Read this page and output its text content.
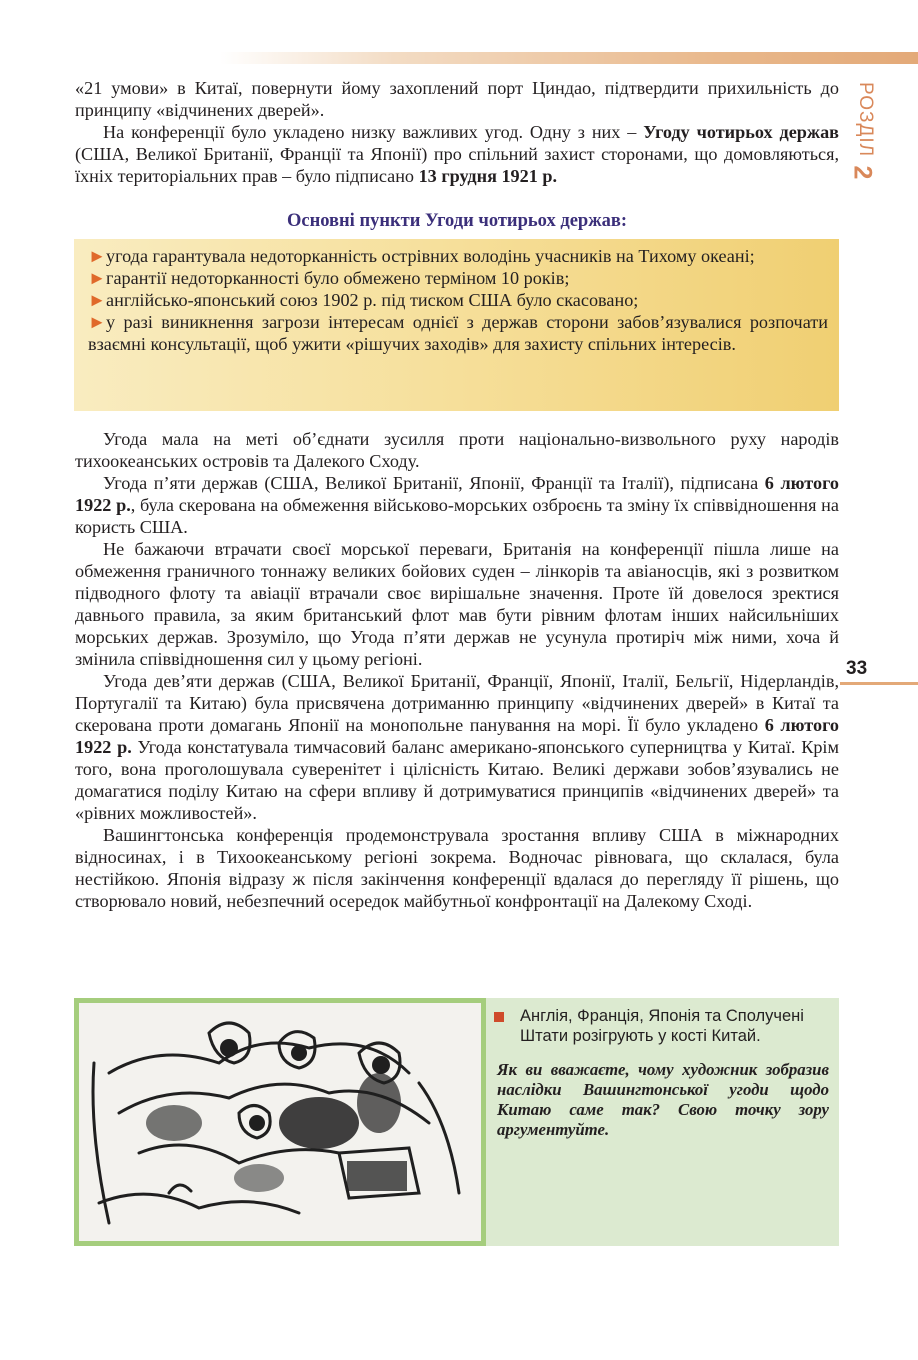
РОЗДІЛ
2
33

«21 умови» в Китаї, повернути йому захоплений порт Циндао, підтвердити прихильність до принципу «відчинених дверей».

На конференції було укладено низку важливих угод. Одну з них – Угоду чотирьох держав (США, Великої Британії, Франції та Японії) про спільний захист сторонами, що домовляються, їхніх територіальних прав – було підписано 13 грудня 1921 р.

Основні пункти Угоди чотирьох держав:

►угода гарантувала недоторканність острівних володінь учасників на Тихому океані;

►гарантії недоторканності було обмежено терміном 10 років;

►англійсько-японський союз 1902 р. під тиском США було скасовано;

►у разі виникнення загрози інтересам однієї з держав сторони забов’язувалися розпочати взаємні консультації, щоб ужити «рішучих заходів» для захисту спільних інтересів.

Угода мала на меті об’єднати зусилля проти національно-визвольного руху народів тихоокеанських островів та Далекого Сходу.

Угода п’яти держав (США, Великої Британії, Японії, Франції та Італії), підписана 6 лютого 1922 р., була скерована на обмеження військово-морських озброєнь та зміну їх співвідношення на користь США.

Не бажаючи втрачати своєї морської переваги, Британія на конференції пішла лише на обмеження граничного тоннажу великих бойових суден – лінкорів та авіаносців, які з розвитком підводного флоту та авіації втрачали своє вирішальне значення. Проте їй довелося зректися давнього правила, за яким британський флот мав бути рівним флотам інших найсильніших морських держав. Зрозуміло, що Угода п’яти держав не усунула протиріч між ними, хоча й змінила співвідношення сил у цьому регіоні.

Угода дев’яти держав (США, Великої Британії, Франції, Японії, Італії, Бельгії, Нідерландів, Португалії та Китаю) була присвячена дотриманню принципу «відчинених дверей» в Китаї та скерована проти домагань Японії на монопольне панування на морі. Її було укладено 6 лютого 1922 р. Угода констатувала тимчасовий баланс американо-японського суперництва у Китаї. Крім того, вона проголошувала суверенітет і цілісність Китаю. Великі держави зобов’язувались не домагатися поділу Китаю на сфери впливу й дотримуватися принципів «відчинених дверей» та «рівних можливостей».

Вашингтонська конференція продемонструвала зростання впливу США в міжнародних відносинах, і в Тихоокеанському регіоні зокрема. Водночас рівновага, що склалася, була нестійкою. Японія відразу ж після закінчення конференції вдалася до перегляду її рішень, що створювало новий, небезпечний осередок майбутньої конфронтації на Далекому Сході.

Англія, Франція, Японія та Сполучені Штати розігрують у кості Китай.
Як ви вважаєте, чому художник зобразив наслідки Вашингтонської угоди щодо Китаю саме так? Свою точку зору аргументуйте.
